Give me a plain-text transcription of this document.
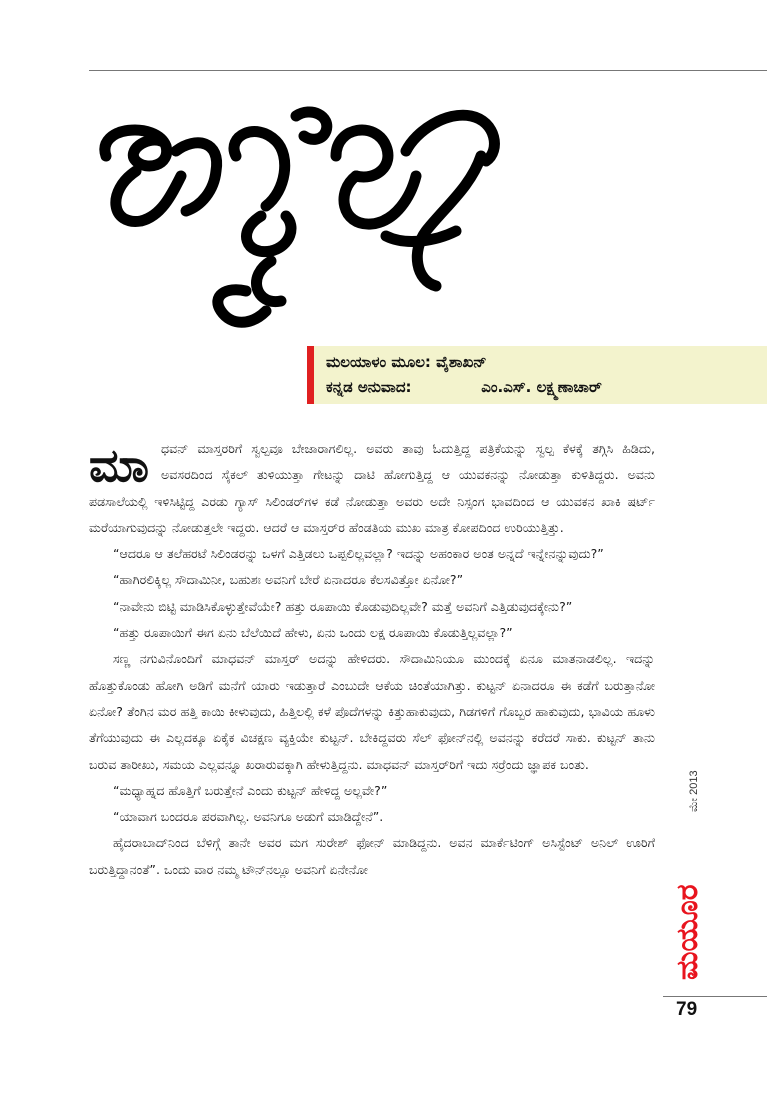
ಮಲಯಾಳಂ ಮೂಲ: ವೈಶಾಖನ್
ಕನ್ನಡ ಅನುವಾದ:	ಎಂ.ಎಸ್. ಲಕ್ಷ್ಮಣಾಚಾರ್

ಮಾ	ಧವನ್ ಮಾಸ್ತರರಿಗೆ ಸ್ವಲ್ಪವೂ ಬೇಜಾರಾಗಲಿಲ್ಲ. ಅವರು ತಾವು ಓದುತ್ತಿದ್ದ ಪತ್ರಿಕೆಯನ್ನು ಸ್ವಲ್ಪ ಕೆಳಕ್ಕೆ ತಗ್ಗಿಸಿ ಹಿಡಿದು, ಅವಸರದಿಂದ ಸೈಕಲ್ ತುಳಿಯುತ್ತಾ ಗೇಟನ್ನು ದಾಟಿ ಹೋಗುತ್ತಿದ್ದ ಆ ಯುವಕನನ್ನು ನೋಡುತ್ತಾ ಕುಳಿತಿದ್ದರು. ಅವನು ಪಡಸಾಲೆಯಲ್ಲಿ ಇಳಿಸಿಟ್ಟಿದ್ದ ಎರಡು ಗ್ಯಾಸ್ ಸಿಲಿಂಡರ್‌ಗಳ ಕಡೆ ನೋಡುತ್ತಾ ಅವರು ಅದೇ ನಿಸ್ಸಂಗ ಭಾವದಿಂದ ಆ ಯುವಕನ ಖಾಕಿ ಷರ್ಟ್ ಮರೆಯಾಗುವುದನ್ನು ನೋಡುತ್ತಲೇ ಇದ್ದರು. ಆದರೆ ಆ ಮಾಸ್ತರ್‌ರ ಹೆಂಡತಿಯ ಮುಖ ಮಾತ್ರ ಕೋಪದಿಂದ ಉರಿಯುತ್ತಿತ್ತು.

“ಆದರೂ ಆ ತಲೆಹರಟೆ ಸಿಲಿಂಡರನ್ನು ಒಳಗೆ ಎತ್ತಿಡಲು ಒಪ್ಪಲಿಲ್ಲವಲ್ಲಾ? ಇದನ್ನು ಅಹಂಕಾರ ಅಂತ ಅನ್ನದೆ ಇನ್ನೇನನ್ನುವುದು?”

“ಹಾಗಿರಲಿಕ್ಕಿಲ್ಲ ಸೌದಾಮಿನೀ, ಬಹುಶಃ ಅವನಿಗೆ ಬೇರೆ ಏನಾದರೂ ಕೆಲಸವಿತ್ತೋ ಏನೋ?”

“ನಾವೇನು ಬಿಟ್ಟಿ ಮಾಡಿಸಿಕೊಳ್ಳುತ್ತೇವೆಯೇ? ಹತ್ತು ರೂಪಾಯಿ ಕೊಡುವುದಿಲ್ಲವೇ? ಮತ್ತೆ ಅವನಿಗೆ ಎತ್ತಿಡುವುದಕ್ಕೇನು?”

“ಹತ್ತು ರೂಪಾಯಿಗೆ ಈಗ ಏನು ಬೆಲೆಯಿದೆ ಹೇಳು, ಏನು ಒಂದು ಲಕ್ಷ ರೂಪಾಯಿ ಕೊಡುತ್ತಿಲ್ಲವಲ್ಲಾ?”

ಸಣ್ಣ ನಗುವಿನೊಂದಿಗೆ ಮಾಧವನ್ ಮಾಸ್ತರ್ ಅದನ್ನು ಹೇಳಿದರು. ಸೌದಾಮಿನಿಯೂ ಮುಂದಕ್ಕೆ ಏನೂ ಮಾತನಾಡಲಿಲ್ಲ. ಇದನ್ನು ಹೊತ್ತುಕೊಂಡು ಹೋಗಿ ಅಡಿಗೆ ಮನೆಗೆ ಯಾರು ಇಡುತ್ತಾರೆ ಎಂಬುದೇ ಆಕೆಯ ಚಿಂತೆಯಾಗಿತ್ತು. ಕುಟ್ಟನ್ ಏನಾದರೂ ಈ ಕಡೆಗೆ ಬರುತ್ತಾನೋ ಏನೋ? ತೆಂಗಿನ ಮರ ಹತ್ತಿ ಕಾಯಿ ಕೀಳುವುದು, ಹಿತ್ತಿಲಲ್ಲಿ ಕಳೆ ಪೊದೆಗಳನ್ನು ಕಿತ್ತುಹಾಕುವುದು, ಗಿಡಗಳಿಗೆ ಗೊಬ್ಬರ ಹಾಕುವುದು, ಭಾವಿಯ ಹೂಳು ತೆಗೆಯುವುದು ಈ ಎಲ್ಲದಕ್ಕೂ ಏಕೈಕ ವಿಚಕ್ಷಣ ವ್ಯಕ್ತಿಯೇ ಕುಟ್ಟನ್. ಬೇಕಿದ್ದವರು ಸೆಲ್ ಫೋನ್‌ನಲ್ಲಿ ಅವನನ್ನು ಕರೆದರೆ ಸಾಕು. ಕುಟ್ಟನ್ ತಾನು ಬರುವ ತಾರೀಖು, ಸಮಯ ಎಲ್ಲವನ್ನೂ ಖರಾರುವಕ್ಕಾಗಿ ಹೇಳುತ್ತಿದ್ದನು. ಮಾಧವನ್ ಮಾಸ್ತರ್‌ರಿಗೆ ಇದು ಸರ್ರೆಂದು ಜ್ಞಾಪಕ ಬಂತು.

“ಮಧ್ಯಾಹ್ನದ ಹೊತ್ತಿಗೆ ಬರುತ್ತೇನೆ ಎಂದು ಕುಟ್ಟನ್ ಹೇಳಿದ್ದ ಅಲ್ಲವೇ?”

“ಯಾವಾಗ ಬಂದರೂ ಪರವಾಗಿಲ್ಲ. ಅವನಿಗೂ ಅಡುಗೆ ಮಾಡಿದ್ದೇನೆ”.

ಹೈದರಾಬಾದ್‌ನಿಂದ ಬೆಳಿಗ್ಗೆ ತಾನೇ ಅವರ ಮಗ ಸುರೇಶ್ ಫೋನ್ ಮಾಡಿದ್ದನು. ಅವನ ಮಾರ್ಕೆಟಿಂಗ್ ಅಸಿಸ್ಟೆಂಟ್ ಅನಿಲ್ ಊರಿಗೆ ಬರುತ್ತಿದ್ದಾನಂತೆ”. ಒಂದು ವಾರ ನಮ್ಮ ಟೌನ್‌ನಲ್ಲೂ ಅವನಿಗೆ ಏನೇನೋ

ಮೇ 2013
ಮಯೂರ
79
